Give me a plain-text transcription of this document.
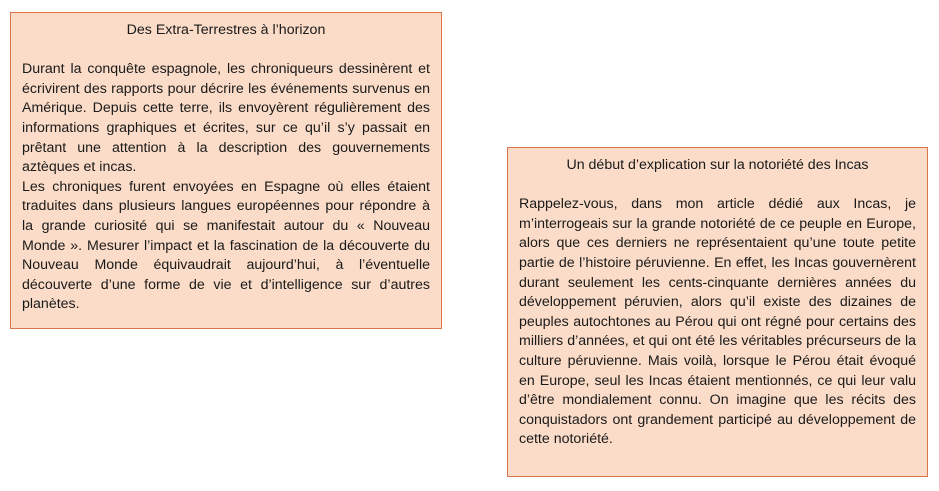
Des Extra-Terrestres à l’horizon

Durant la conquête espagnole, les chroniqueurs dessinèrent et écrivirent des rapports pour décrire les événements survenus en Amérique. Depuis cette terre, ils envoyèrent régulièrement des informations graphiques et écrites, sur ce qu’il s’y passait en prêtant une attention à la description des gouvernements aztèques et incas.

Les chroniques furent envoyées en Espagne où elles étaient traduites dans plusieurs langues européennes pour répondre à la grande curiosité qui se manifestait autour du « Nouveau Monde ». Mesurer l’impact et la fascination de la découverte du Nouveau Monde équivaudrait aujourd’hui, à l’éventuelle découverte d’une forme de vie et d’intelligence sur d’autres planètes.

Un début d’explication sur la notoriété des Incas

Rappelez-vous, dans mon article dédié aux Incas, je m’interrogeais sur la grande notoriété de ce peuple en Europe, alors que ces derniers ne représentaient qu’une toute petite partie de l’histoire péruvienne. En effet, les Incas gouvernèrent durant seulement les cents-cinquante dernières années du développement péruvien, alors qu’il existe des dizaines de peuples autochtones au Pérou qui ont régné pour certains des milliers d’années, et qui ont été les véritables précurseurs de la culture péruvienne. Mais voilà, lorsque le Pérou était évoqué en Europe, seul les Incas étaient mentionnés, ce qui leur valu d’être mondialement connu. On imagine que les récits des conquistadors ont grandement participé au développement de cette notoriété.
